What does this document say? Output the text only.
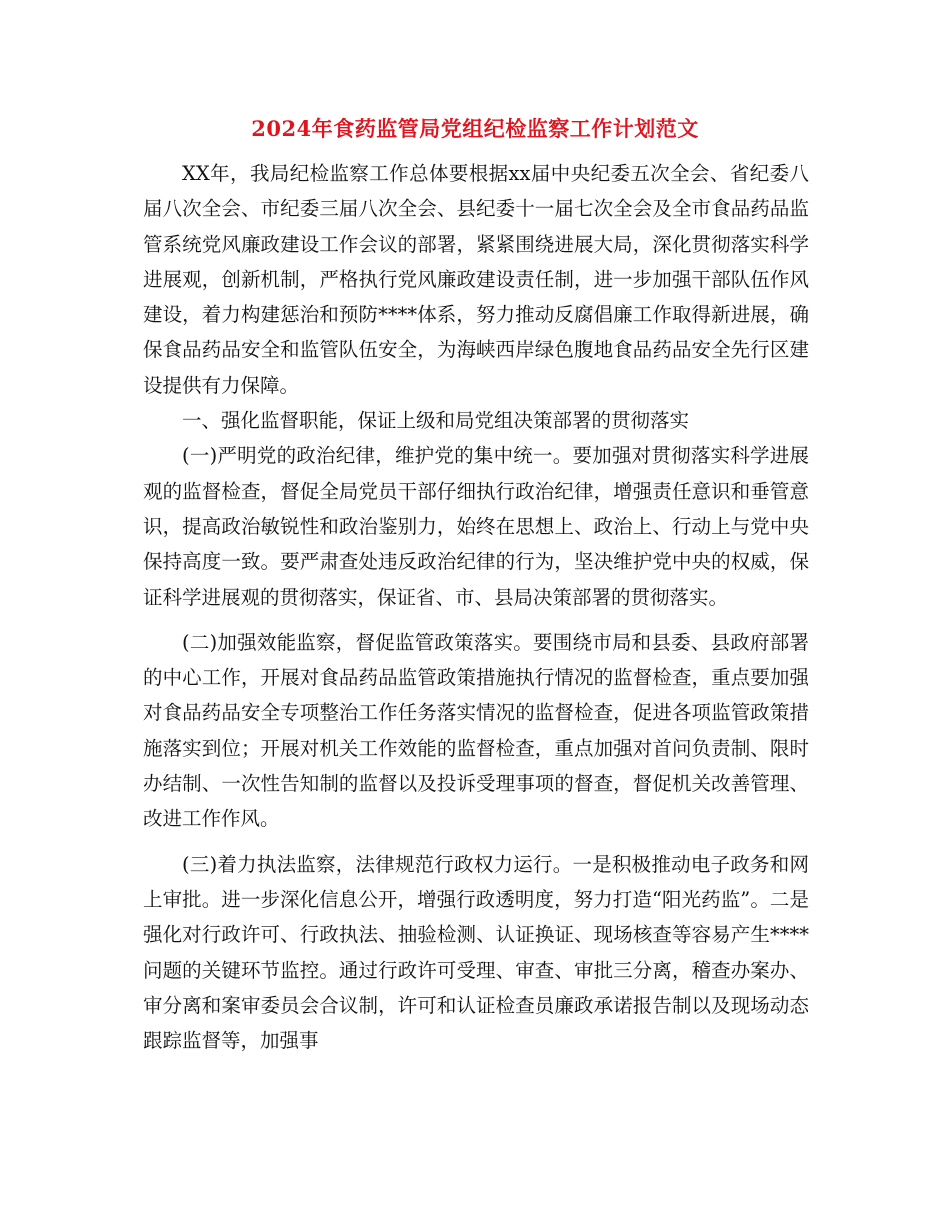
2024年食药监管局党组纪检监察工作计划范文

XX年，我局纪检监察工作总体要根据xx届中央纪委五次全会、省纪委八届八次全会、市纪委三届八次全会、县纪委十一届七次全会及全市食品药品监管系统党风廉政建设工作会议的部署，紧紧围绕进展大局，深化贯彻落实科学进展观，创新机制，严格执行党风廉政建设责任制，进一步加强干部队伍作风建设，着力构建惩治和预防****体系，努力推动反腐倡廉工作取得新进展，确保食品药品安全和监管队伍安全，为海峡西岸绿色腹地食品药品安全先行区建设提供有力保障。

一、强化监督职能，保证上级和局党组决策部署的贯彻落实

(一)严明党的政治纪律，维护党的集中统一。要加强对贯彻落实科学进展观的监督检查，督促全局党员干部仔细执行政治纪律，增强责任意识和垂管意识，提高政治敏锐性和政治鉴别力，始终在思想上、政治上、行动上与党中央保持高度一致。要严肃查处违反政治纪律的行为，坚决维护党中央的权威，保证科学进展观的贯彻落实，保证省、市、县局决策部署的贯彻落实。

(二)加强效能监察，督促监管政策落实。要围绕市局和县委、县政府部署的中心工作，开展对食品药品监管政策措施执行情况的监督检查，重点要加强对食品药品安全专项整治工作任务落实情况的监督检查，促进各项监管政策措施落实到位；开展对机关工作效能的监督检查，重点加强对首问负责制、限时办结制、一次性告知制的监督以及投诉受理事项的督查，督促机关改善管理、改进工作作风。

(三)着力执法监察，法律规范行政权力运行。一是积极推动电子政务和网上审批。进一步深化信息公开，增强行政透明度，努力打造“阳光药监”。二是强化对行政许可、行政执法、抽验检测、认证换证、现场核查等容易产生****问题的关键环节监控。通过行政许可受理、审查、审批三分离，稽查办案办、审分离和案审委员会合议制，许可和认证检查员廉政承诺报告制以及现场动态跟踪监督等，加强事
